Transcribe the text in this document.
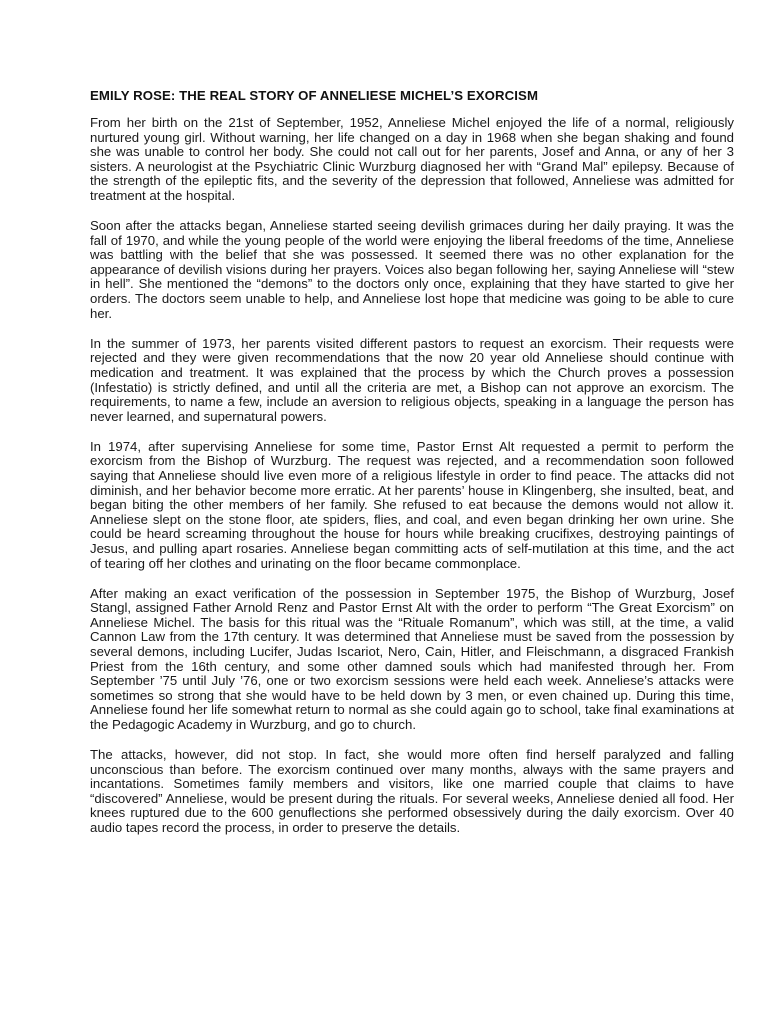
EMILY ROSE: THE REAL STORY OF ANNELIESE MICHEL’S EXORCISM

From her birth on the 21st of September, 1952, Anneliese Michel enjoyed the life of a normal, religiously nurtured young girl. Without warning, her life changed on a day in 1968 when she began shaking and found she was unable to control her body. She could not call out for her parents, Josef and Anna, or any of her 3 sisters. A neurologist at the Psychiatric Clinic Wurzburg diagnosed her with “Grand Mal” epilepsy. Because of the strength of the epileptic fits, and the severity of the depression that followed, Anneliese was admitted for treatment at the hospital.

Soon after the attacks began, Anneliese started seeing devilish grimaces during her daily praying. It was the fall of 1970, and while the young people of the world were enjoying the liberal freedoms of the time, Anneliese was battling with the belief that she was possessed. It seemed there was no other explanation for the appearance of devilish visions during her prayers. Voices also began following her, saying Anneliese will “stew in hell”. She mentioned the “demons” to the doctors only once, explaining that they have started to give her orders. The doctors seem unable to help, and Anneliese lost hope that medicine was going to be able to cure her.

In the summer of 1973, her parents visited different pastors to request an exorcism. Their requests were rejected and they were given recommendations that the now 20 year old Anneliese should continue with medication and treatment. It was explained that the process by which the Church proves a possession (Infestatio) is strictly defined, and until all the criteria are met, a Bishop can not approve an exorcism. The requirements, to name a few, include an aversion to religious objects, speaking in a language the person has never learned, and supernatural powers.

In 1974, after supervising Anneliese for some time, Pastor Ernst Alt requested a permit to perform the exorcism from the Bishop of Wurzburg. The request was rejected, and a recommendation soon followed saying that Anneliese should live even more of a religious lifestyle in order to find peace. The attacks did not diminish, and her behavior become more erratic. At her parents’ house in Klingenberg, she insulted, beat, and began biting the other members of her family. She refused to eat because the demons would not allow it. Anneliese slept on the stone floor, ate spiders, flies, and coal, and even began drinking her own urine. She could be heard screaming throughout the house for hours while breaking crucifixes, destroying paintings of Jesus, and pulling apart rosaries. Anneliese began committing acts of self-mutilation at this time, and the act of tearing off her clothes and urinating on the floor became commonplace.

After making an exact verification of the possession in September 1975, the Bishop of Wurzburg, Josef Stangl, assigned Father Arnold Renz and Pastor Ernst Alt with the order to perform “The Great Exorcism” on Anneliese Michel. The basis for this ritual was the “Rituale Romanum”, which was still, at the time, a valid Cannon Law from the 17th century. It was determined that Anneliese must be saved from the possession by several demons, including Lucifer, Judas Iscariot, Nero, Cain, Hitler, and Fleischmann, a disgraced Frankish Priest from the 16th century, and some other damned souls which had manifested through her. From September ’75 until July ’76, one or two exorcism sessions were held each week. Anneliese’s attacks were sometimes so strong that she would have to be held down by 3 men, or even chained up. During this time, Anneliese found her life somewhat return to normal as she could again go to school, take final examinations at the Pedagogic Academy in Wurzburg, and go to church.

The attacks, however, did not stop. In fact, she would more often find herself paralyzed and falling unconscious than before. The exorcism continued over many months, always with the same prayers and incantations. Sometimes family members and visitors, like one married couple that claims to have “discovered” Anneliese, would be present during the rituals. For several weeks, Anneliese denied all food. Her knees ruptured due to the 600 genuflections she performed obsessively during the daily exorcism. Over 40 audio tapes record the process, in order to preserve the details.
